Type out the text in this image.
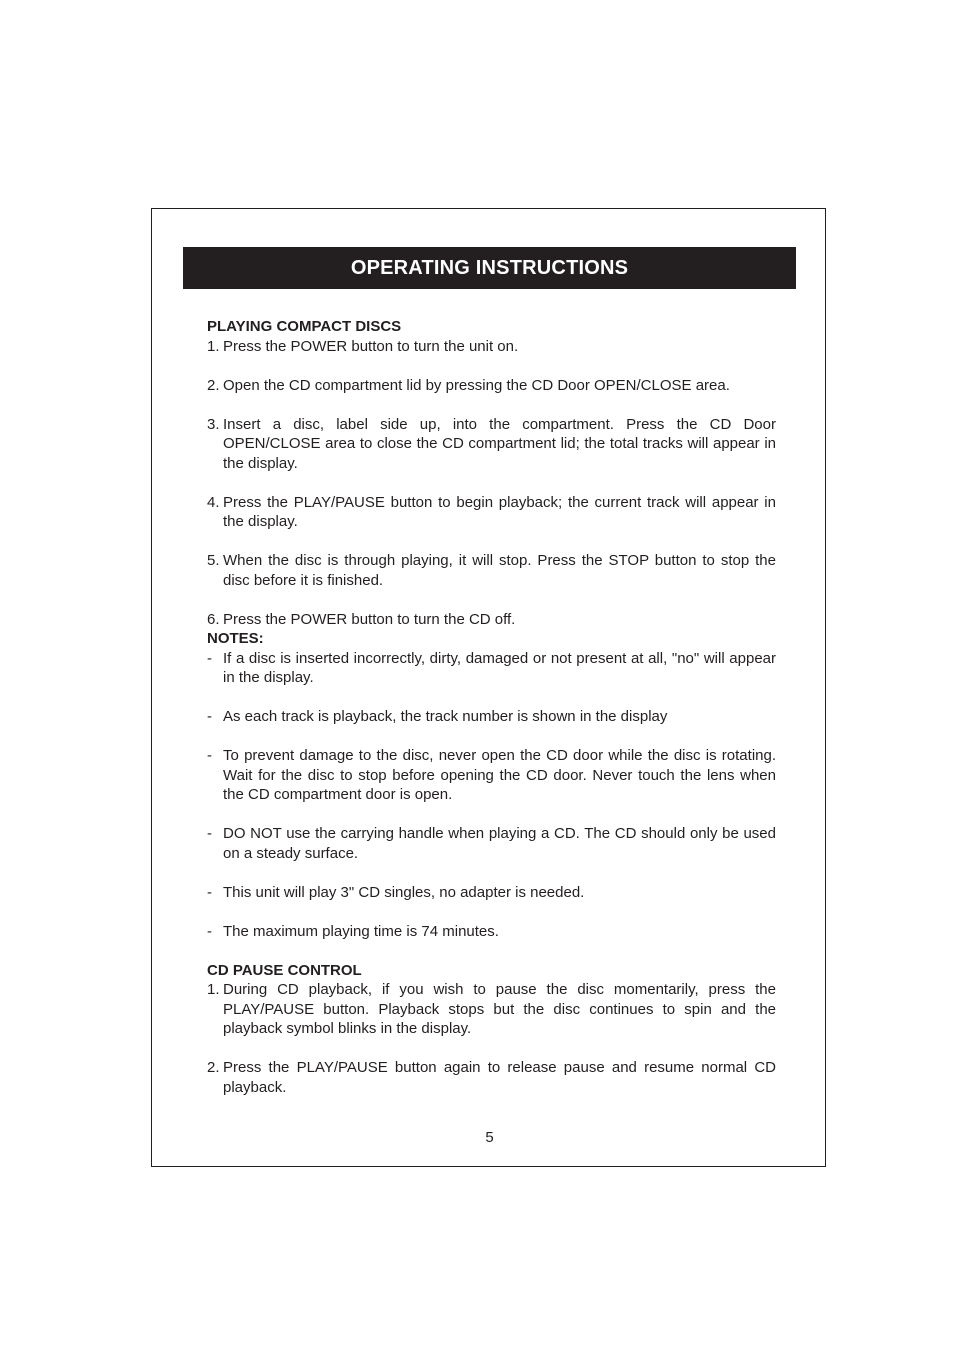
OPERATING INSTRUCTIONS

PLAYING COMPACT DISCS

1. Press the POWER button to turn the unit on.
2. Open the CD compartment lid by pressing the CD Door OPEN/CLOSE area.
3. Insert a disc, label side up, into the compartment. Press the CD Door OPEN/CLOSE area to close the CD compartment lid; the total tracks will appear in the display.
4. Press the PLAY/PAUSE button to begin playback; the current track will appear in the display.
5. When the disc is through playing, it will stop. Press the STOP button to stop the disc before it is finished.
6. Press the POWER button to turn the CD off.

NOTES:

- If a disc is inserted incorrectly, dirty, damaged or not present at all, "no" will appear in the display.
- As each track is playback, the track number is shown in the display
- To prevent damage to the disc, never open the CD door while the disc is rotating. Wait for the disc to stop before opening the CD door. Never touch the lens when the CD compartment door is open.
- DO NOT use the carrying handle when playing a CD. The CD should only be used on a steady surface.
- This unit will play 3" CD singles, no adapter is needed.
- The maximum playing time is 74 minutes.

CD PAUSE CONTROL

1. During CD playback, if you wish to pause the disc momentarily, press the PLAY/PAUSE button. Playback stops but the disc continues to spin and the playback symbol blinks in the display.
2. Press the PLAY/PAUSE button again to release pause and resume normal CD playback.
5
